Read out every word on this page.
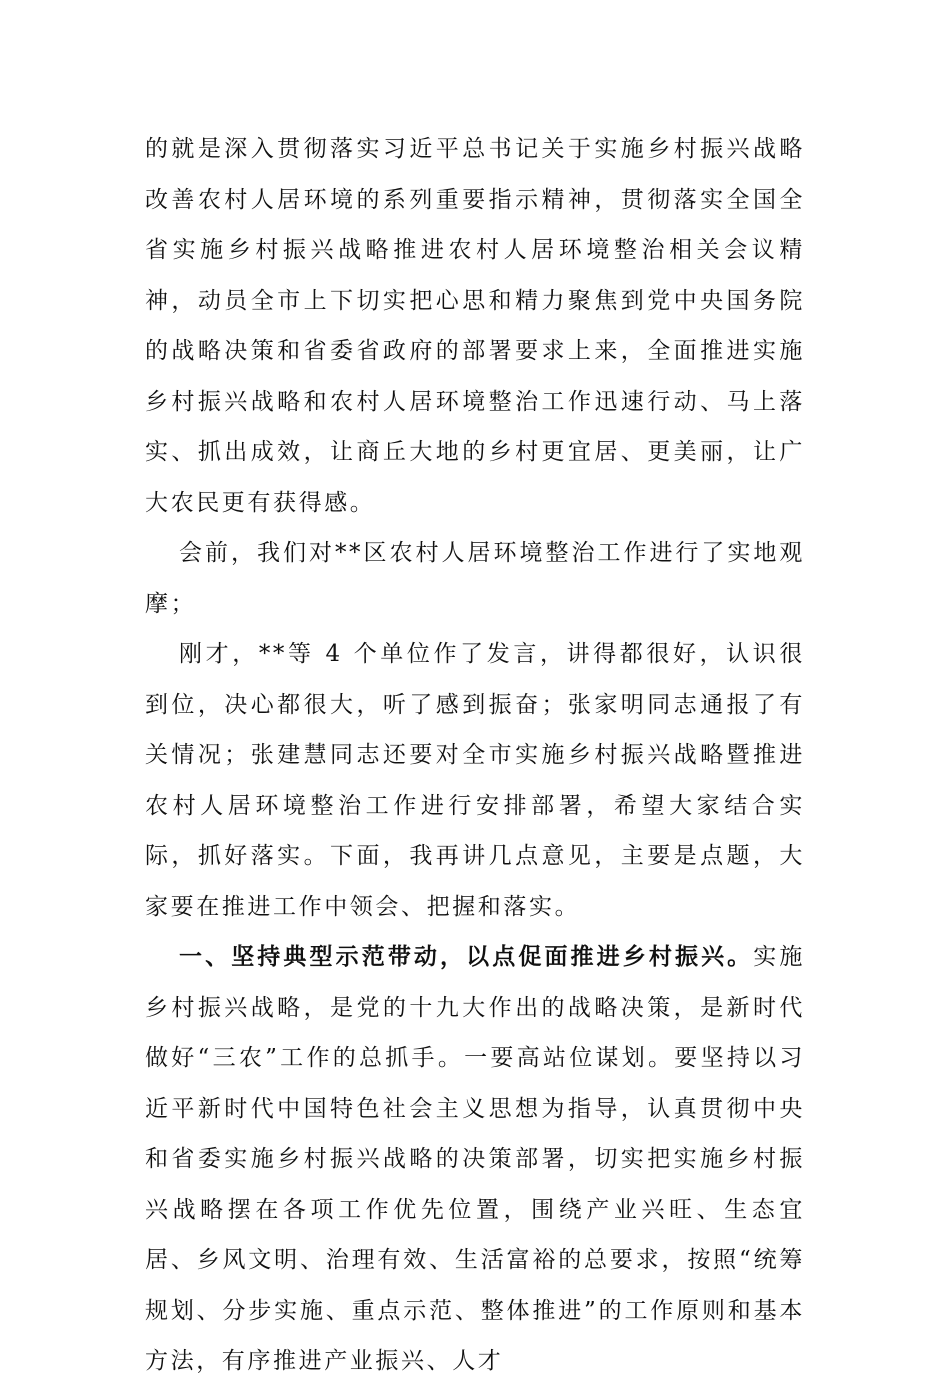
的就是深入贯彻落实习近平总书记关于实施乡村振兴战略改善农村人居环境的系列重要指示精神，贯彻落实全国全省实施乡村振兴战略推进农村人居环境整治相关会议精神，动员全市上下切实把心思和精力聚焦到党中央国务院的战略决策和省委省政府的部署要求上来，全面推进实施乡村振兴战略和农村人居环境整治工作迅速行动、马上落实、抓出成效，让商丘大地的乡村更宜居、更美丽，让广大农民更有获得感。

会前，我们对**区农村人居环境整治工作进行了实地观摩；

刚才，**等 4 个单位作了发言，讲得都很好，认识很到位，决心都很大，听了感到振奋；张家明同志通报了有关情况；张建慧同志还要对全市实施乡村振兴战略暨推进农村人居环境整治工作进行安排部署，希望大家结合实际，抓好落实。下面，我再讲几点意见，主要是点题，大家要在推进工作中领会、把握和落实。

一、坚持典型示范带动，以点促面推进乡村振兴。实施乡村振兴战略，是党的十九大作出的战略决策，是新时代做好“三农”工作的总抓手。一要高站位谋划。要坚持以习近平新时代中国特色社会主义思想为指导，认真贯彻中央和省委实施乡村振兴战略的决策部署，切实把实施乡村振兴战略摆在各项工作优先位置，围绕产业兴旺、生态宜居、乡风文明、治理有效、生活富裕的总要求，按照“统筹规划、分步实施、重点示范、整体推进”的工作原则和基本方法，有序推进产业振兴、人才
